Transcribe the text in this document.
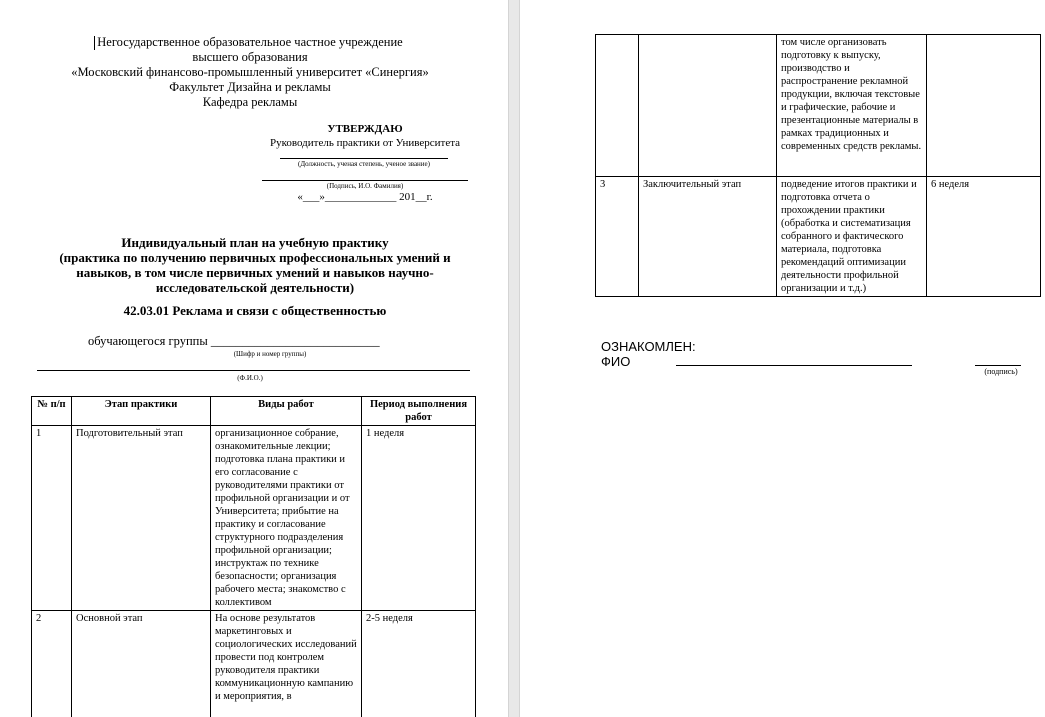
Негосударственное образовательное частное учреждение
высшего образования
«Московский финансово-промышленный университет «Синергия»
Факультет Дизайна и рекламы
Кафедра рекламы
УТВЕРЖДАЮ
Руководитель практики от Университета
(Должность, ученая степень, ученое звание)
(Подпись, И.О. Фамилия)
«___»_____________ 201__г.
Индивидуальный план на учебную практику
(практика по получению первичных профессиональных умений и
навыков, в том числе первичных умений и навыков научно-
исследовательской деятельности)
42.03.01 Реклама и связи с общественностью
обучающегося группы ___________________________
(Шифр и номер группы)
(Ф.И.О.)
№ п/п	Этап практики	Виды работ	Период выполнения работ
1	Подготовительный этап	организационное собрание, ознакомительные лекции; подготовка плана практики и его согласование с руководителями практики от профильной организации и от Университета; прибытие на практику и согласование структурного подразделения профильной организации; инструктаж по технике безопасности; организация рабочего места; знакомство с коллективом	1 неделя
2	Основной этап	На основе результатов маркетинговых и социологических исследований провести под контролем руководителя практики коммуникационную кампанию и мероприятия, в	2-5 неделя
		том числе организовать подготовку к выпуску, производство и распространение рекламной продукции, включая текстовые и графические, рабочие и презентационные материалы в рамках традиционных и современных средств рекламы.	
3	Заключительный этап	подведение итогов практики и подготовка отчета о прохождении практики (обработка и систематизация собранного и фактического материала, подготовка рекомендаций оптимизации деятельности профильной организации и т.д.)	6 неделя
ОЗНАКОМЛЕН:
ФИО
(подпись)
